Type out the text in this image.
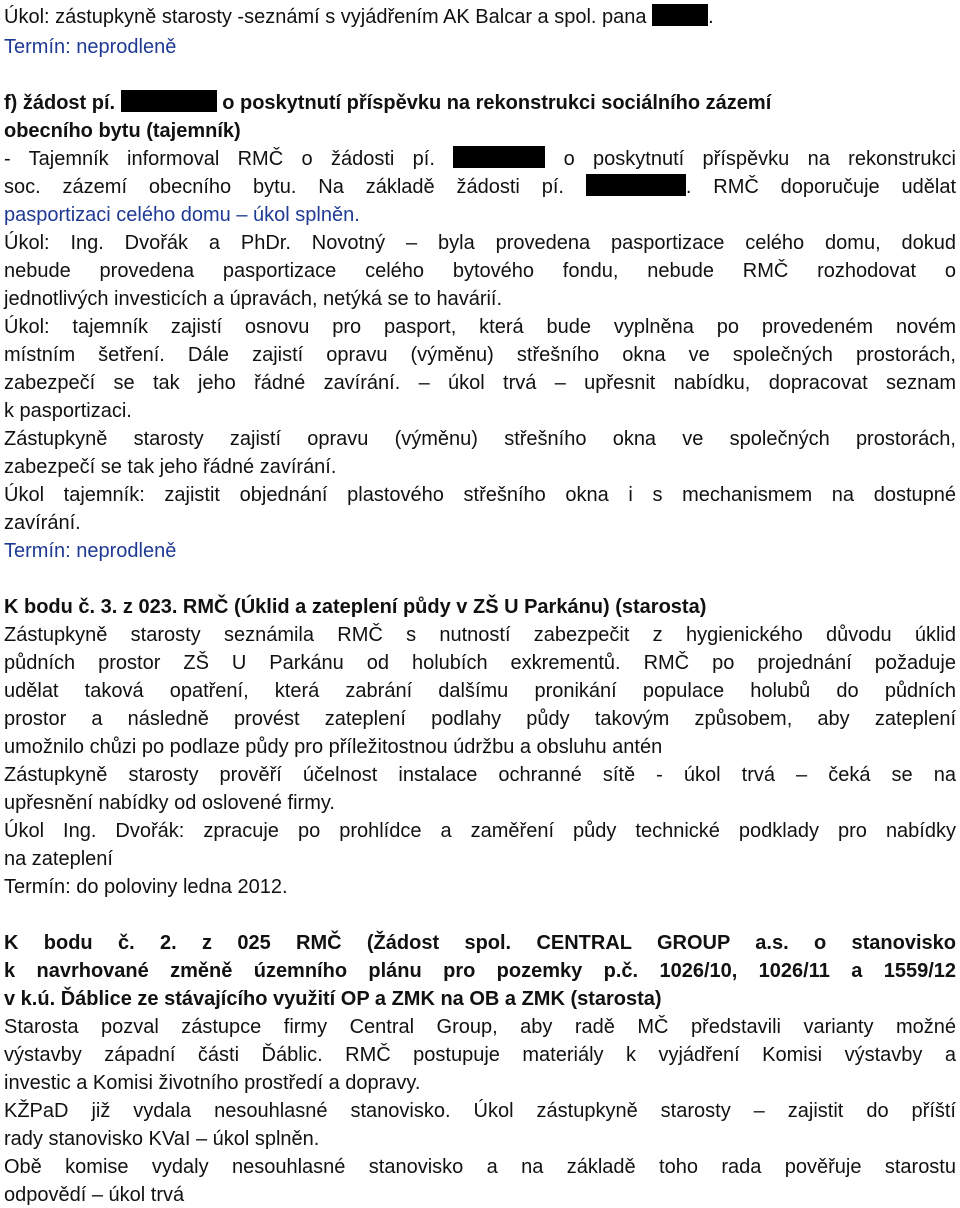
Úkol: zástupkyně starosty -seznámí s vyjádřením AK Balcar a spol. pana	.
Termín: neprodleně
f) žádost pí.	o poskytnutí příspěvku na rekonstrukci sociálního zázemí
obecního bytu (tajemník)
- Tajemník informoval RMČ o žádosti pí.	o poskytnutí příspěvku na rekonstrukci
soc. zázemí obecního bytu. Na základě žádosti pí.	. RMČ doporučuje udělat
pasportizaci celého domu – úkol splněn.
Úkol: Ing. Dvořák a PhDr. Novotný – byla provedena pasportizace celého domu, dokud
nebude provedena pasportizace celého bytového fondu, nebude RMČ rozhodovat o
jednotlivých investicích a úpravách, netýká se to havárií.
Úkol: tajemník zajistí osnovu pro pasport, která bude vyplněna po provedeném novém
místním šetření. Dále zajistí opravu (výměnu) střešního okna ve společných prostorách,
zabezpečí se tak jeho řádné zavírání. – úkol trvá – upřesnit nabídku, dopracovat seznam
k pasportizaci.
Zástupkyně starosty zajistí opravu (výměnu) střešního okna ve společných prostorách,
zabezpečí se tak jeho řádné zavírání.
Úkol tajemník: zajistit objednání plastového střešního okna i s mechanismem na dostupné
zavírání.
Termín: neprodleně
K bodu č. 3. z 023. RMČ (Úklid a zateplení půdy v ZŠ U Parkánu) (starosta)
Zástupkyně starosty seznámila RMČ s nutností zabezpečit z hygienického důvodu úklid
půdních prostor ZŠ U Parkánu od holubích exkrementů. RMČ po projednání požaduje
udělat taková opatření, která zabrání dalšímu pronikání populace holubů do půdních
prostor a následně provést zateplení podlahy půdy takovým způsobem, aby zateplení
umožnilo chůzi po podlaze půdy pro příležitostnou údržbu a obsluhu antén
Zástupkyně starosty prověří účelnost instalace ochranné sítě - úkol trvá – čeká se na
upřesnění nabídky od oslovené firmy.
Úkol Ing. Dvořák: zpracuje po prohlídce a zaměření půdy technické podklady pro nabídky
na zateplení
Termín: do poloviny ledna 2012.
K bodu č. 2. z 025 RMČ (Žádost spol. CENTRAL GROUP a.s. o stanovisko
k navrhované změně územního plánu pro pozemky p.č. 1026/10, 1026/11 a 1559/12
v k.ú. Ďáblice ze stávajícího využití OP a ZMK na OB a ZMK (starosta)
Starosta pozval zástupce firmy Central Group, aby radě MČ představili varianty možné
výstavby západní části Ďáblic. RMČ postupuje materiály k vyjádření Komisi výstavby a
investic a Komisi životního prostředí a dopravy.
KŽPaD již vydala nesouhlasné stanovisko. Úkol zástupkyně starosty – zajistit do příští
rady stanovisko KVaI – úkol splněn.
Obě komise vydaly nesouhlasné stanovisko a na základě toho rada pověřuje starostu
odpovědí – úkol trvá
